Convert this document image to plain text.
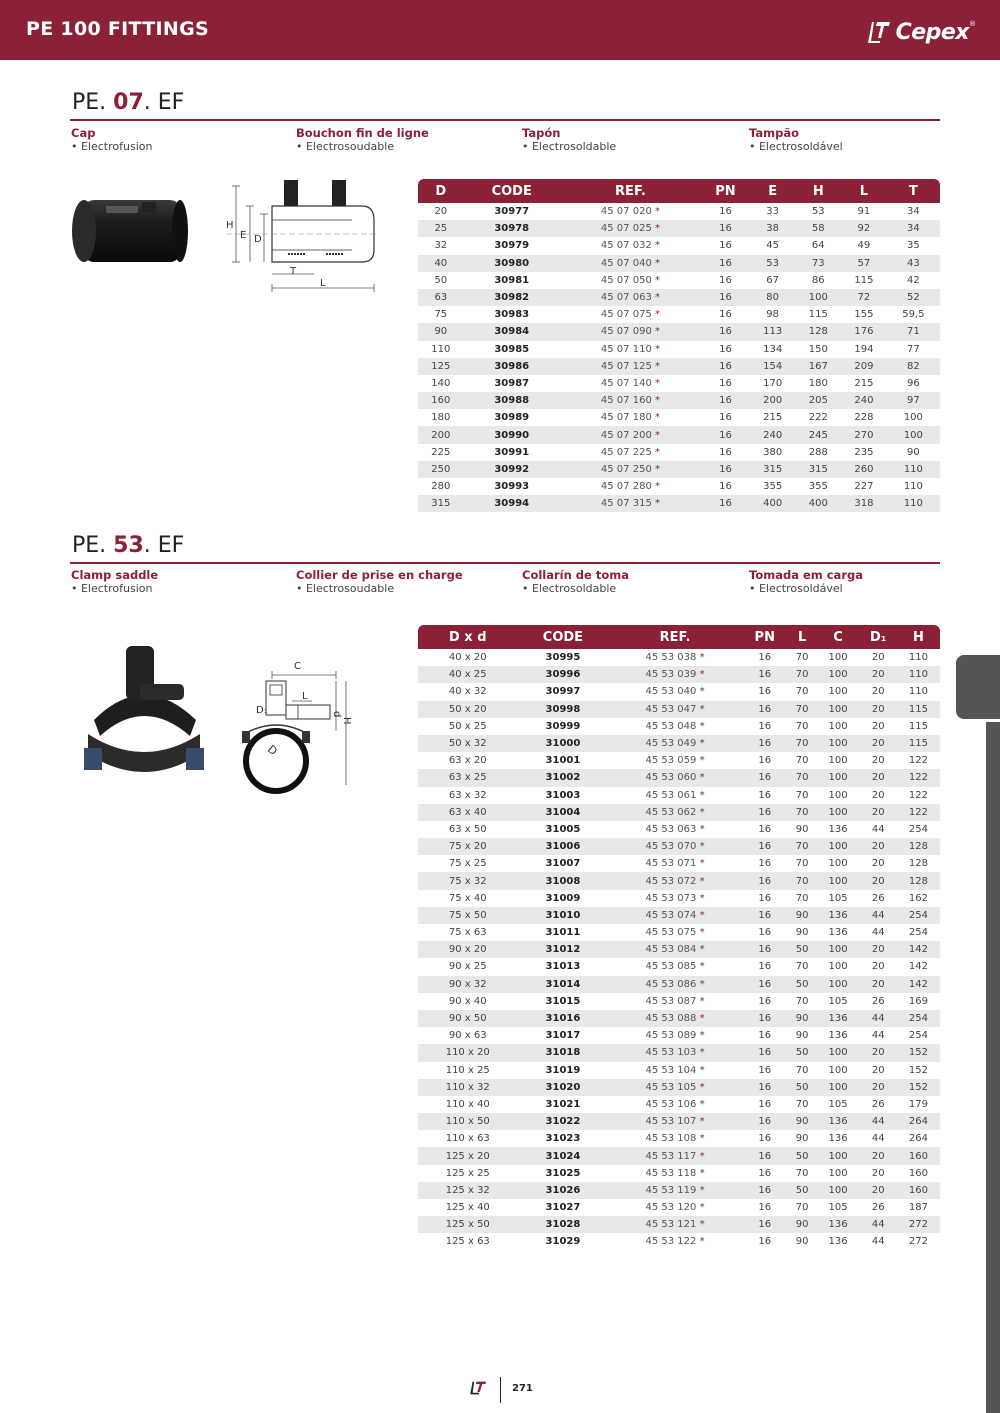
PE 100 FITTINGS	Cepex ®
PE. 07. EF
Cap
• Electrofusion
Bouchon fin de ligne
• Electrosoudable
Tapón
• Electrosoldable
Tampão
• Electrosoldável
H
E D
T
L
D	CODE	REF.	PN	E	H	L	T
20	30977	45 07 020 *	16	33	53	91	34
25	30978	45 07 025 *	16	38	58	92	34
32	30979	45 07 032 *	16	45	64	49	35
40	30980	45 07 040 *	16	53	73	57	43
50	30981	45 07 050 *	16	67	86	115	42
63	30982	45 07 063 *	16	80	100	72	52
75	30983	45 07 075 *	16	98	115	155	59,5
90	30984	45 07 090 *	16	113	128	176	71
110	30985	45 07 110 *	16	134	150	194	77
125	30986	45 07 125 *	16	154	167	209	82
140	30987	45 07 140 *	16	170	180	215	96
160	30988	45 07 160 *	16	200	205	240	97
180	30989	45 07 180 *	16	215	222	228	100
200	30990	45 07 200 *	16	240	245	270	100
225	30991	45 07 225 *	16	380	288	235	90
250	30992	45 07 250 *	16	315	315	260	110
280	30993	45 07 280 *	16	355	355	227	110
315	30994	45 07 315 *	16	400	400	318	110
PE. 53. EF
Clamp saddle
• Electrofusion
Collier de prise en charge
• Electrosoudable
Collarín de toma
• Electrosoldable
Tomada em carga
• Electrosoldável
C
L
D₁	d
H
D
D x d	CODE	REF.	PN	L	C	D₁	H
40 x 20	30995	45 53 038 *	16	70	100	20	110
40 x 25	30996	45 53 039 *	16	70	100	20	110
40 x 32	30997	45 53 040 *	16	70	100	20	110
50 x 20	30998	45 53 047 *	16	70	100	20	115
50 x 25	30999	45 53 048 *	16	70	100	20	115
50 x 32	31000	45 53 049 *	16	70	100	20	115
63 x 20	31001	45 53 059 *	16	70	100	20	122
63 x 25	31002	45 53 060 *	16	70	100	20	122
63 x 32	31003	45 53 061 *	16	70	100	20	122
63 x 40	31004	45 53 062 *	16	70	100	20	122
63 x 50	31005	45 53 063 *	16	90	136	44	254
75 x 20	31006	45 53 070 *	16	70	100	20	128
75 x 25	31007	45 53 071 *	16	70	100	20	128
75 x 32	31008	45 53 072 *	16	70	100	20	128
75 x 40	31009	45 53 073 *	16	70	105	26	162
75 x 50	31010	45 53 074 *	16	90	136	44	254
75 x 63	31011	45 53 075 *	16	90	136	44	254
90 x 20	31012	45 53 084 *	16	50	100	20	142
90 x 25	31013	45 53 085 *	16	70	100	20	142
90 x 32	31014	45 53 086 *	16	50	100	20	142
90 x 40	31015	45 53 087 *	16	70	105	26	169
90 x 50	31016	45 53 088 *	16	90	136	44	254
90 x 63	31017	45 53 089 *	16	90	136	44	254
110 x 20	31018	45 53 103 *	16	50	100	20	152
110 x 25	31019	45 53 104 *	16	70	100	20	152
110 x 32	31020	45 53 105 *	16	50	100	20	152
110 x 40	31021	45 53 106 *	16	70	105	26	179
110 x 50	31022	45 53 107 *	16	90	136	44	264
110 x 63	31023	45 53 108 *	16	90	136	44	264
125 x 20	31024	45 53 117 *	16	50	100	20	160
125 x 25	31025	45 53 118 *	16	70	100	20	160
125 x 32	31026	45 53 119 *	16	50	100	20	160
125 x 40	31027	45 53 120 *	16	70	105	26	187
125 x 50	31028	45 53 121 *	16	90	136	44	272
125 x 63	31029	45 53 122 *	16	90	136	44	272
271
